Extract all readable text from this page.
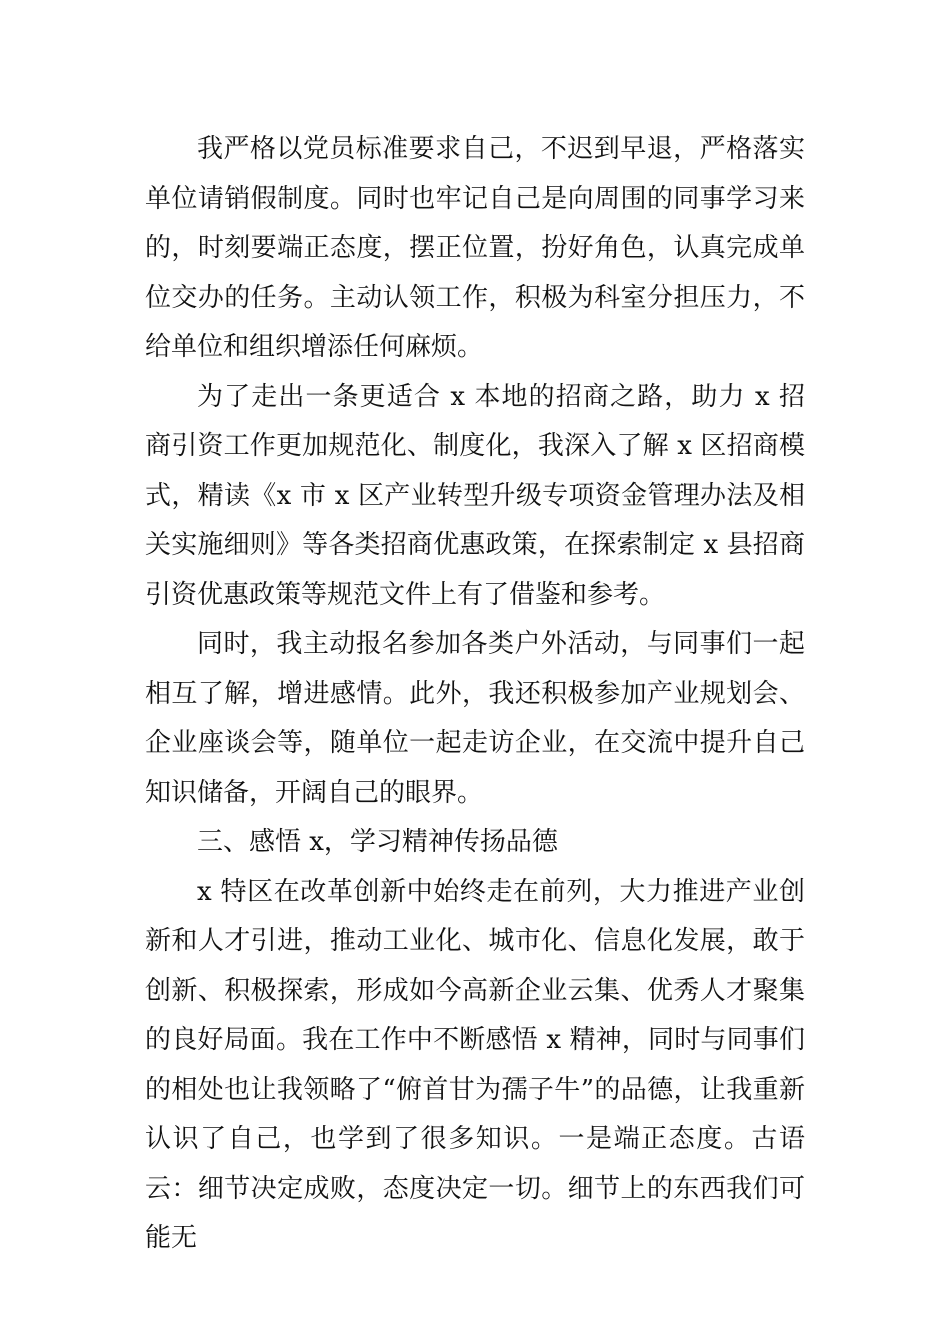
我严格以党员标准要求自己，不迟到早退，严格落实单位请销假制度。同时也牢记自己是向周围的同事学习来的，时刻要端正态度，摆正位置，扮好角色，认真完成单位交办的任务。主动认领工作，积极为科室分担压力，不给单位和组织增添任何麻烦。

为了走出一条更适合 x 本地的招商之路，助力 x 招商引资工作更加规范化、制度化，我深入了解 x 区招商模式，精读《x 市 x 区产业转型升级专项资金管理办法及相关实施细则》等各类招商优惠政策，在探索制定 x 县招商引资优惠政策等规范文件上有了借鉴和参考。

同时，我主动报名参加各类户外活动，与同事们一起相互了解，增进感情。此外，我还积极参加产业规划会、企业座谈会等，随单位一起走访企业，在交流中提升自己知识储备，开阔自己的眼界。

三、感悟 x，学习精神传扬品德

x 特区在改革创新中始终走在前列，大力推进产业创新和人才引进，推动工业化、城市化、信息化发展，敢于创新、积极探索，形成如今高新企业云集、优秀人才聚集的良好局面。我在工作中不断感悟 x 精神，同时与同事们的相处也让我领略了“俯首甘为孺子牛”的品德，让我重新认识了自己，也学到了很多知识。一是端正态度。古语云：细节决定成败，态度决定一切。细节上的东西我们可能无
